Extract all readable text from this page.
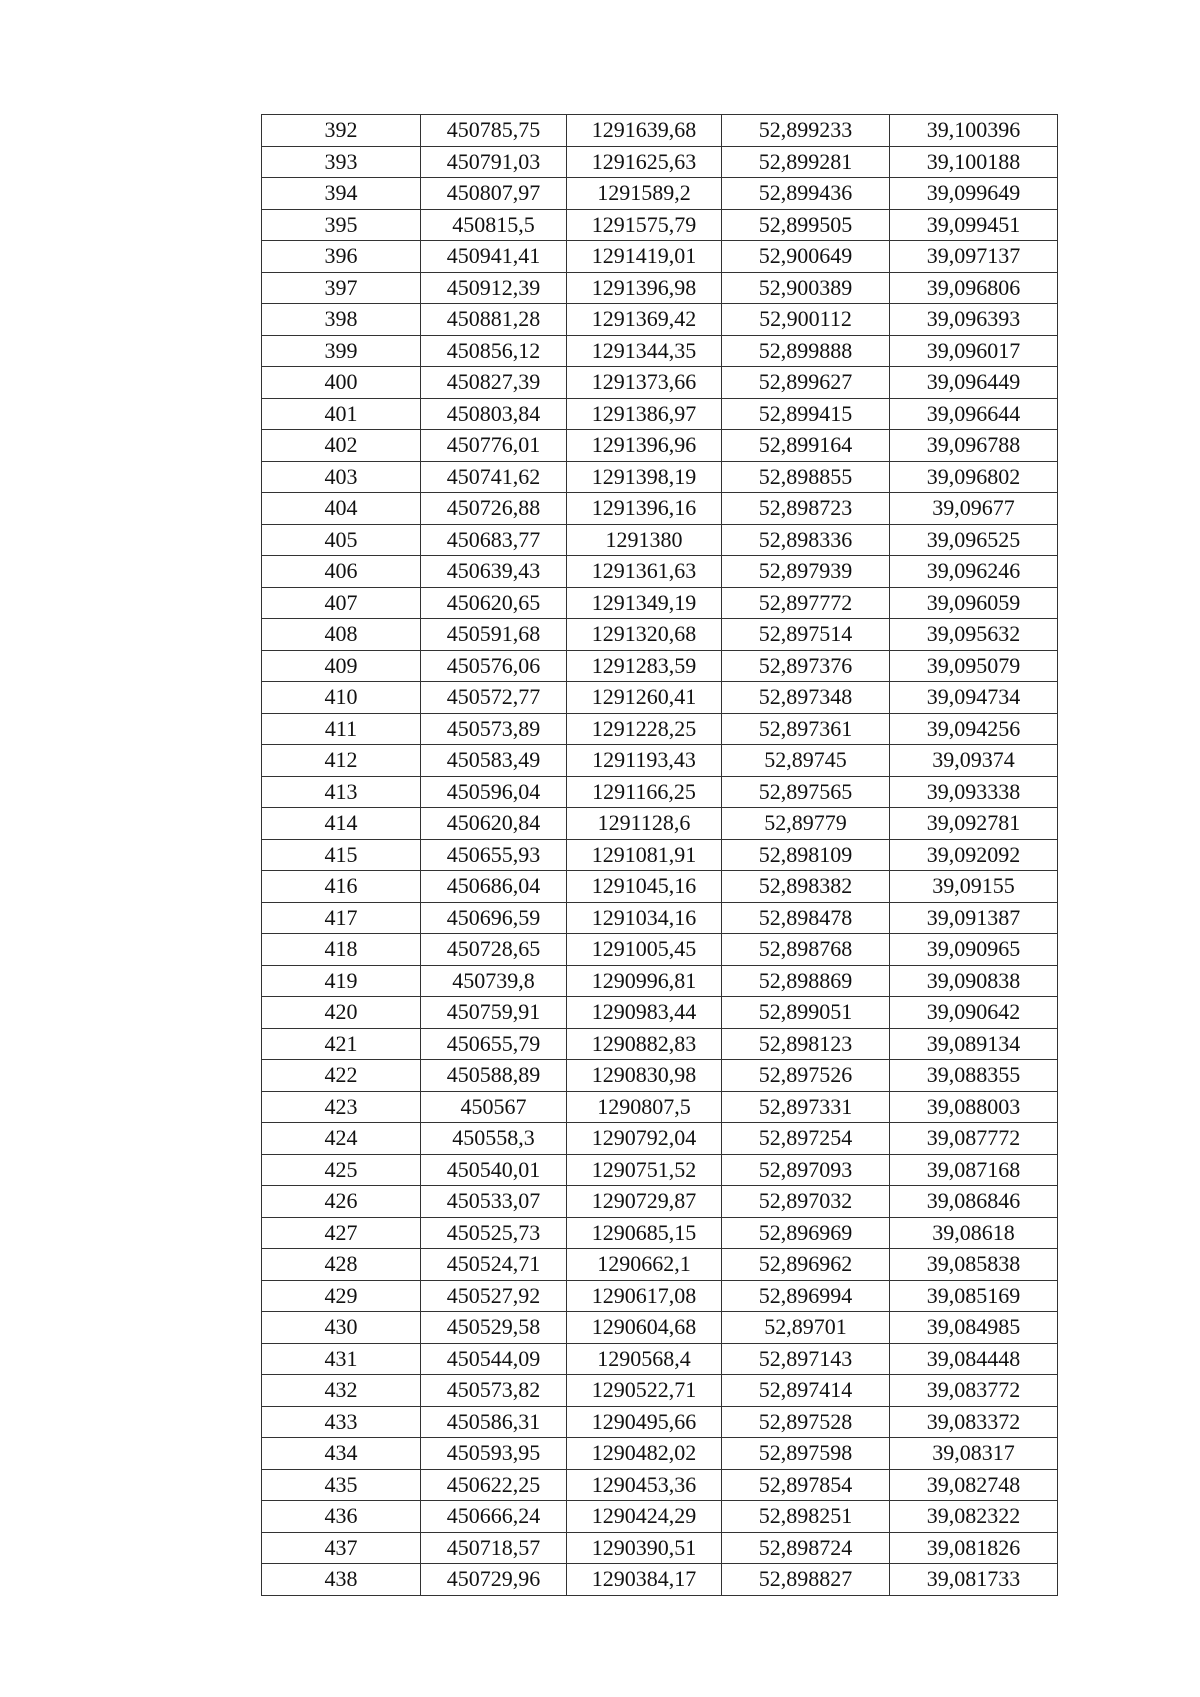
392	450785,75	1291639,68	52,899233	39,100396
393	450791,03	1291625,63	52,899281	39,100188
394	450807,97	1291589,2	52,899436	39,099649
395	450815,5	1291575,79	52,899505	39,099451
396	450941,41	1291419,01	52,900649	39,097137
397	450912,39	1291396,98	52,900389	39,096806
398	450881,28	1291369,42	52,900112	39,096393
399	450856,12	1291344,35	52,899888	39,096017
400	450827,39	1291373,66	52,899627	39,096449
401	450803,84	1291386,97	52,899415	39,096644
402	450776,01	1291396,96	52,899164	39,096788
403	450741,62	1291398,19	52,898855	39,096802
404	450726,88	1291396,16	52,898723	39,09677
405	450683,77	1291380	52,898336	39,096525
406	450639,43	1291361,63	52,897939	39,096246
407	450620,65	1291349,19	52,897772	39,096059
408	450591,68	1291320,68	52,897514	39,095632
409	450576,06	1291283,59	52,897376	39,095079
410	450572,77	1291260,41	52,897348	39,094734
411	450573,89	1291228,25	52,897361	39,094256
412	450583,49	1291193,43	52,89745	39,09374
413	450596,04	1291166,25	52,897565	39,093338
414	450620,84	1291128,6	52,89779	39,092781
415	450655,93	1291081,91	52,898109	39,092092
416	450686,04	1291045,16	52,898382	39,09155
417	450696,59	1291034,16	52,898478	39,091387
418	450728,65	1291005,45	52,898768	39,090965
419	450739,8	1290996,81	52,898869	39,090838
420	450759,91	1290983,44	52,899051	39,090642
421	450655,79	1290882,83	52,898123	39,089134
422	450588,89	1290830,98	52,897526	39,088355
423	450567	1290807,5	52,897331	39,088003
424	450558,3	1290792,04	52,897254	39,087772
425	450540,01	1290751,52	52,897093	39,087168
426	450533,07	1290729,87	52,897032	39,086846
427	450525,73	1290685,15	52,896969	39,08618
428	450524,71	1290662,1	52,896962	39,085838
429	450527,92	1290617,08	52,896994	39,085169
430	450529,58	1290604,68	52,89701	39,084985
431	450544,09	1290568,4	52,897143	39,084448
432	450573,82	1290522,71	52,897414	39,083772
433	450586,31	1290495,66	52,897528	39,083372
434	450593,95	1290482,02	52,897598	39,08317
435	450622,25	1290453,36	52,897854	39,082748
436	450666,24	1290424,29	52,898251	39,082322
437	450718,57	1290390,51	52,898724	39,081826
438	450729,96	1290384,17	52,898827	39,081733
